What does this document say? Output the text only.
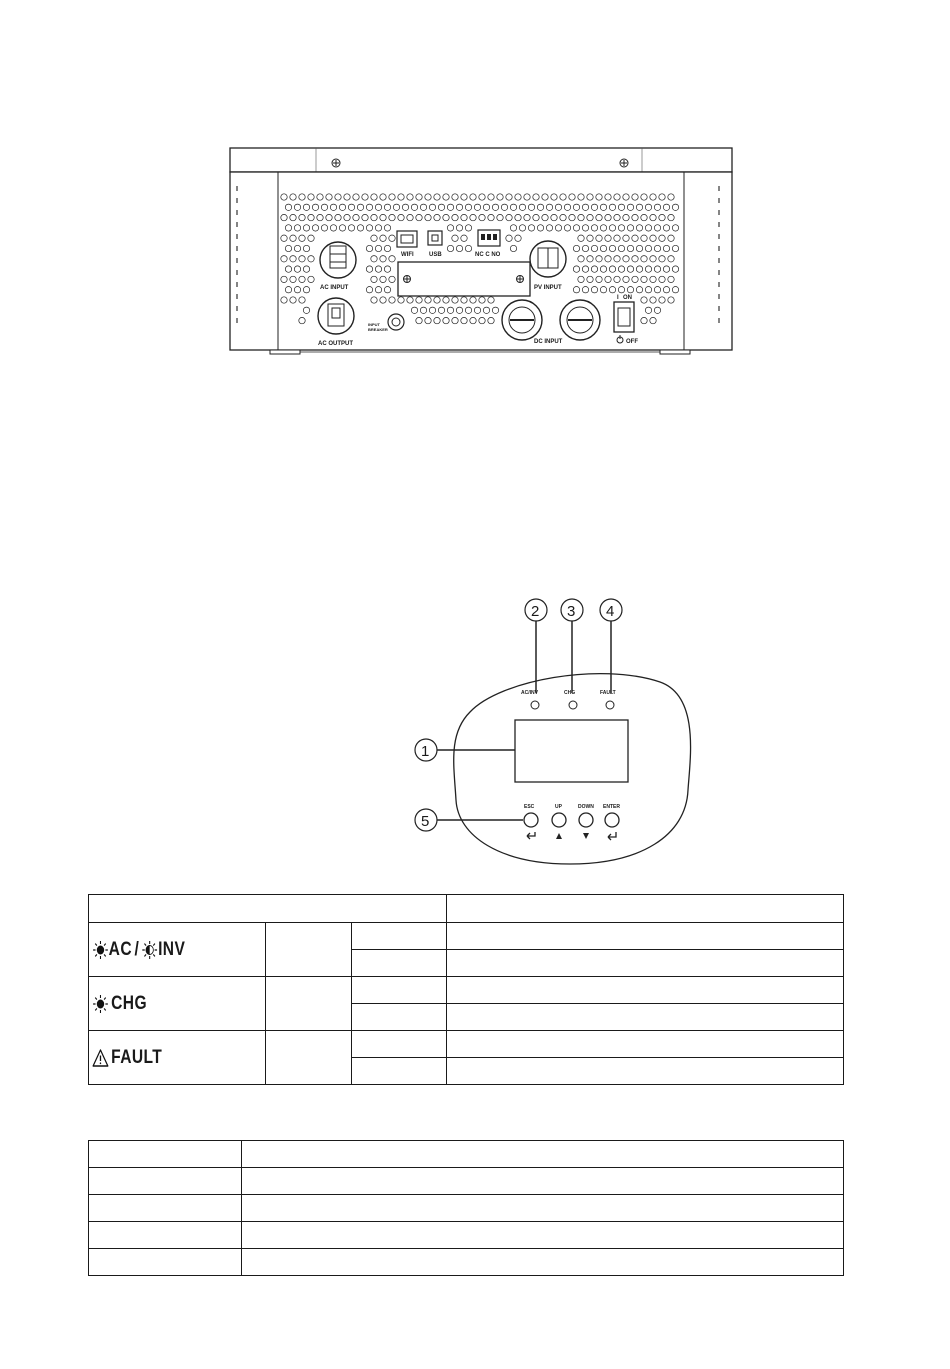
AC INPUT
AC OUTPUT
INPUT
BREAKER
WIFI	USB	NC C NO
PV INPUT
DC INPUT
I ON
OFF
AC/INV	CHG	FAULT
2 3 4
1
5
ESC	UP	DOWN ENTER

AC / INV			

CHG			

FAULT			
